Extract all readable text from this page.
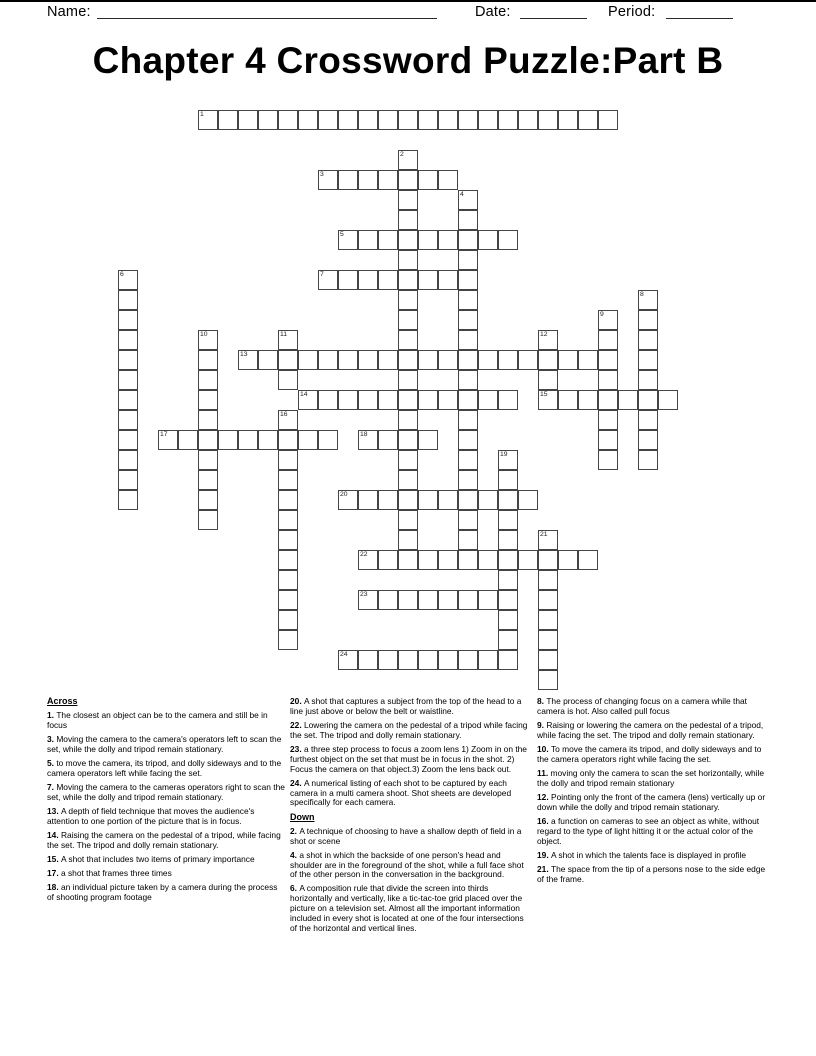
Name:	Date:	Period:
Chapter 4 Crossword Puzzle:Part B
1
3
5
7
13
14	15
17	18
20
22
23
24
2
4
6
8
9
10	11	12
16
19
21

Across

1. The closest an object can be to the camera and still be in focus

3. Moving the camera to the camera's operators left to scan the set, while the dolly and tripod remain stationary.

5. to move the camera, its tripod, and dolly sideways and to the camera operators left while facing the set.

7. Moving the camera to the cameras operators right to scan the set, while the dolly and tripod remain stationary.

13. A depth of field technique that moves the audience's attention to one portion of the picture that is in focus.

14. Raising the camera on the pedestal of a tripod, while facing the set. The tripod and dolly remain stationary.

15. A shot that includes two items of primary importance

17. a shot that frames three times

18. an individual picture taken by a camera during the process of shooting program footage

20. A shot that captures a subject from the top of the head to a line just above or below the belt or waistline.

22. Lowering the camera on the pedestal of a tripod while facing the set. The tripod and dolly remain stationary.

23. a three step process to focus a zoom lens 1) Zoom in on the furthest object on the set that must be in focus in the shot. 2) Focus the camera on that object.3) Zoom the lens back out.

24. A numerical listing of each shot to be captured by each camera in a multi camera shoot. Shot sheets are developed specifically for each camera.

Down

2. A technique of choosing to have a shallow depth of field in a shot or scene

4. a shot in which the backside of one person's head and shoulder are in the foreground of the shot, while a full face shot of the other person in the conversation in the background.

6. A composition rule that divide the screen into thirds horizontally and vertically, like a tic-tac-toe grid placed over the picture on a television set. Almost all the important information included in every shot is located at one of the four intersections of the horizontal and vertical lines.

8. The process of changing focus on a camera while that camera is hot. Also called pull focus

9. Raising or lowering the camera on the pedestal of a tripod, while facing the set. The tripod and dolly remain stationary.

10. To move the camera its tripod, and dolly sideways and to the camera operators right while facing the set.

11. moving only the camera to scan the set horizontally, while the dolly and tripod remain stationary

12. Pointing only the front of the camera (lens) vertically up or down while the dolly and tripod remain stationary.

16. a function on cameras to see an object as white, without regard to the type of light hitting it or the actual color of the object.

19. A shot in which the talents face is displayed in profile

21. The space from the tip of a persons nose to the side edge of the frame.
